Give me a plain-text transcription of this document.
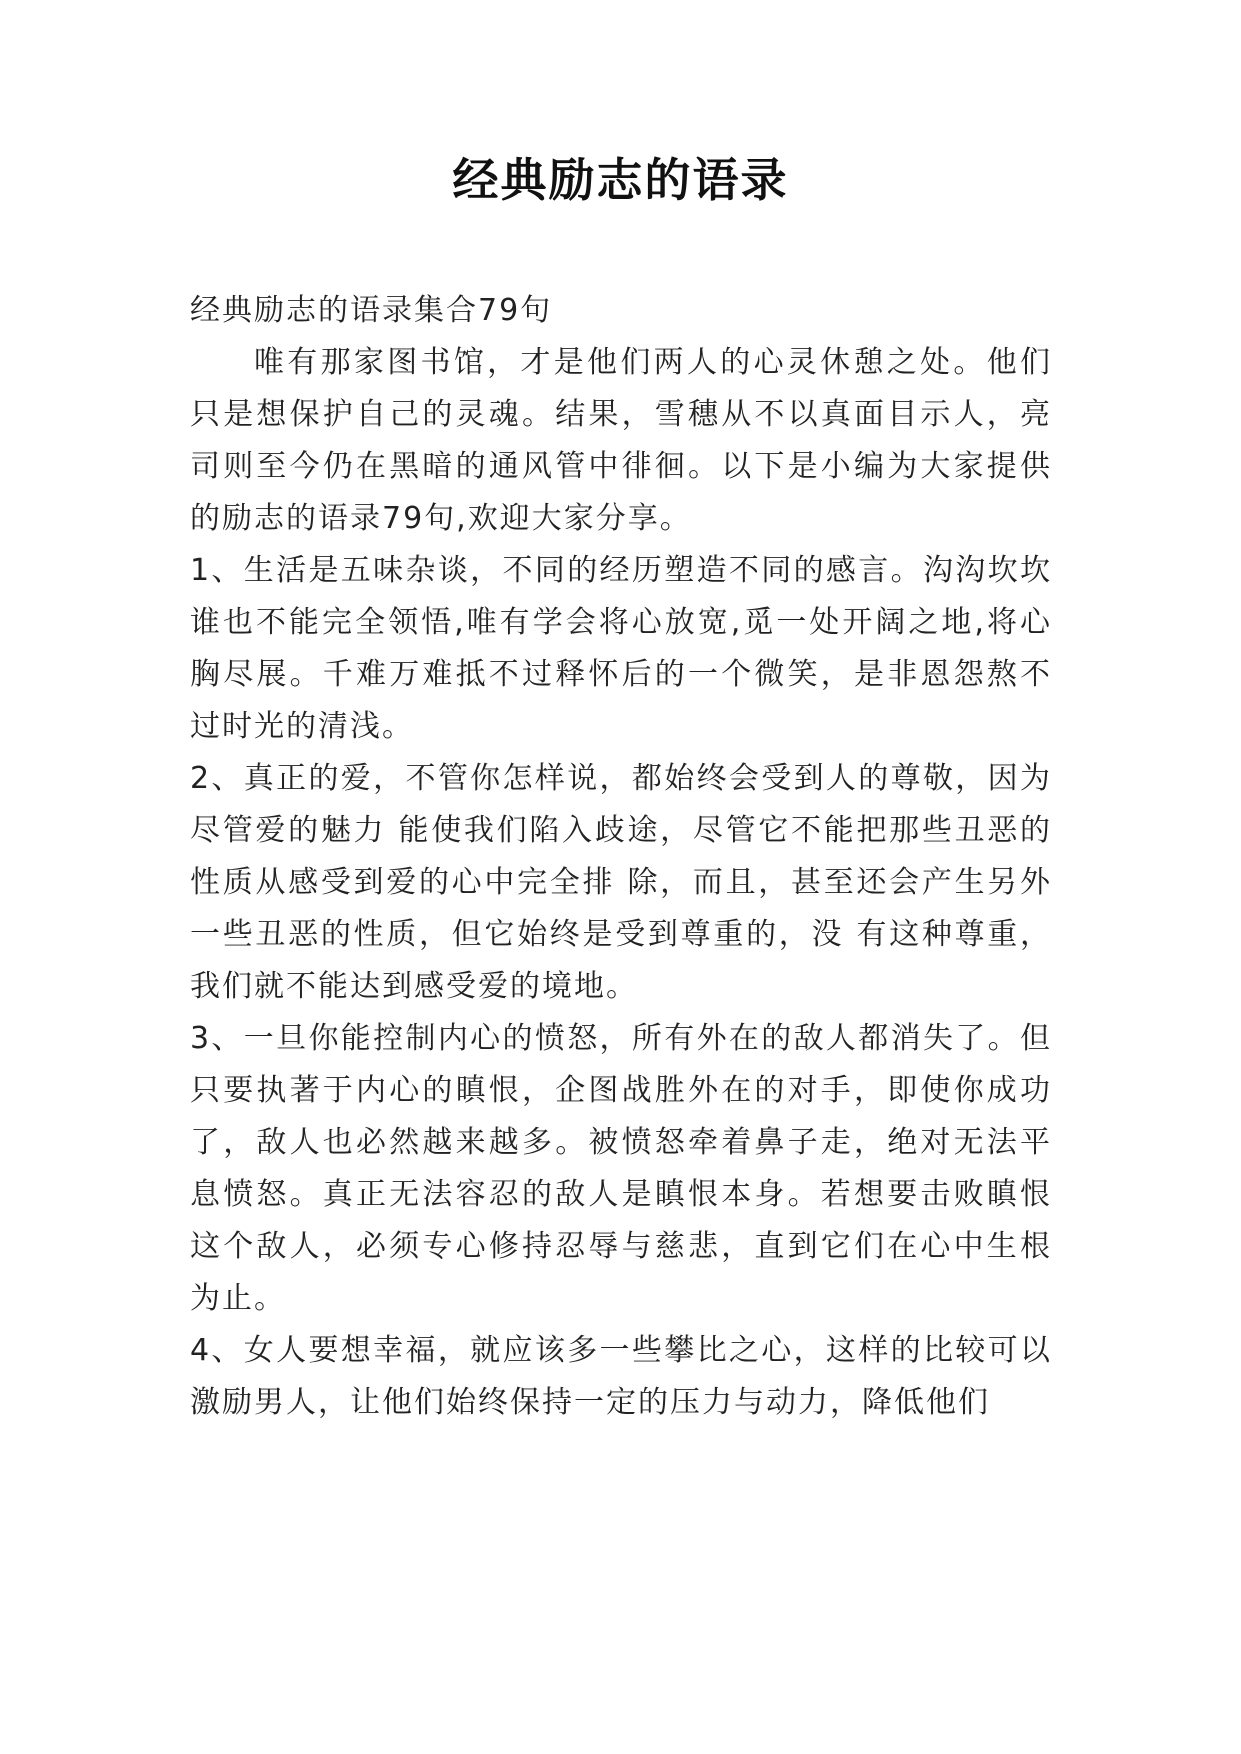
经典励志的语录

经典励志的语录集合79句

唯有那家图书馆，才是他们两人的心灵休憩之处。他们只是想保护自己的灵魂。结果，雪穗从不以真面目示人，亮司则至今仍在黑暗的通风管中徘徊。以下是小编为大家提供的励志的语录79句,欢迎大家分享。

1、生活是五味杂谈，不同的经历塑造不同的感言。沟沟坎坎谁也不能完全领悟,唯有学会将心放宽,觅一处开阔之地,将心胸尽展。千难万难抵不过释怀后的一个微笑，是非恩怨熬不过时光的清浅。

2、真正的爱，不管你怎样说，都始终会受到人的尊敬，因为尽管爱的魅力 能使我们陷入歧途，尽管它不能把那些丑恶的性质从感受到爱的心中完全排 除，而且，甚至还会产生另外一些丑恶的性质，但它始终是受到尊重的，没 有这种尊重，我们就不能达到感受爱的境地。

3、一旦你能控制内心的愤怒，所有外在的敌人都消失了。但只要执著于内心的瞋恨，企图战胜外在的对手，即使你成功了，敌人也必然越来越多。被愤怒牵着鼻子走，绝对无法平息愤怒。真正无法容忍的敌人是瞋恨本身。若想要击败瞋恨这个敌人，必须专心修持忍辱与慈悲，直到它们在心中生根为止。

4、女人要想幸福，就应该多一些攀比之心，这样的比较可以激励男人，让他们始终保持一定的压力与动力，降低他们
